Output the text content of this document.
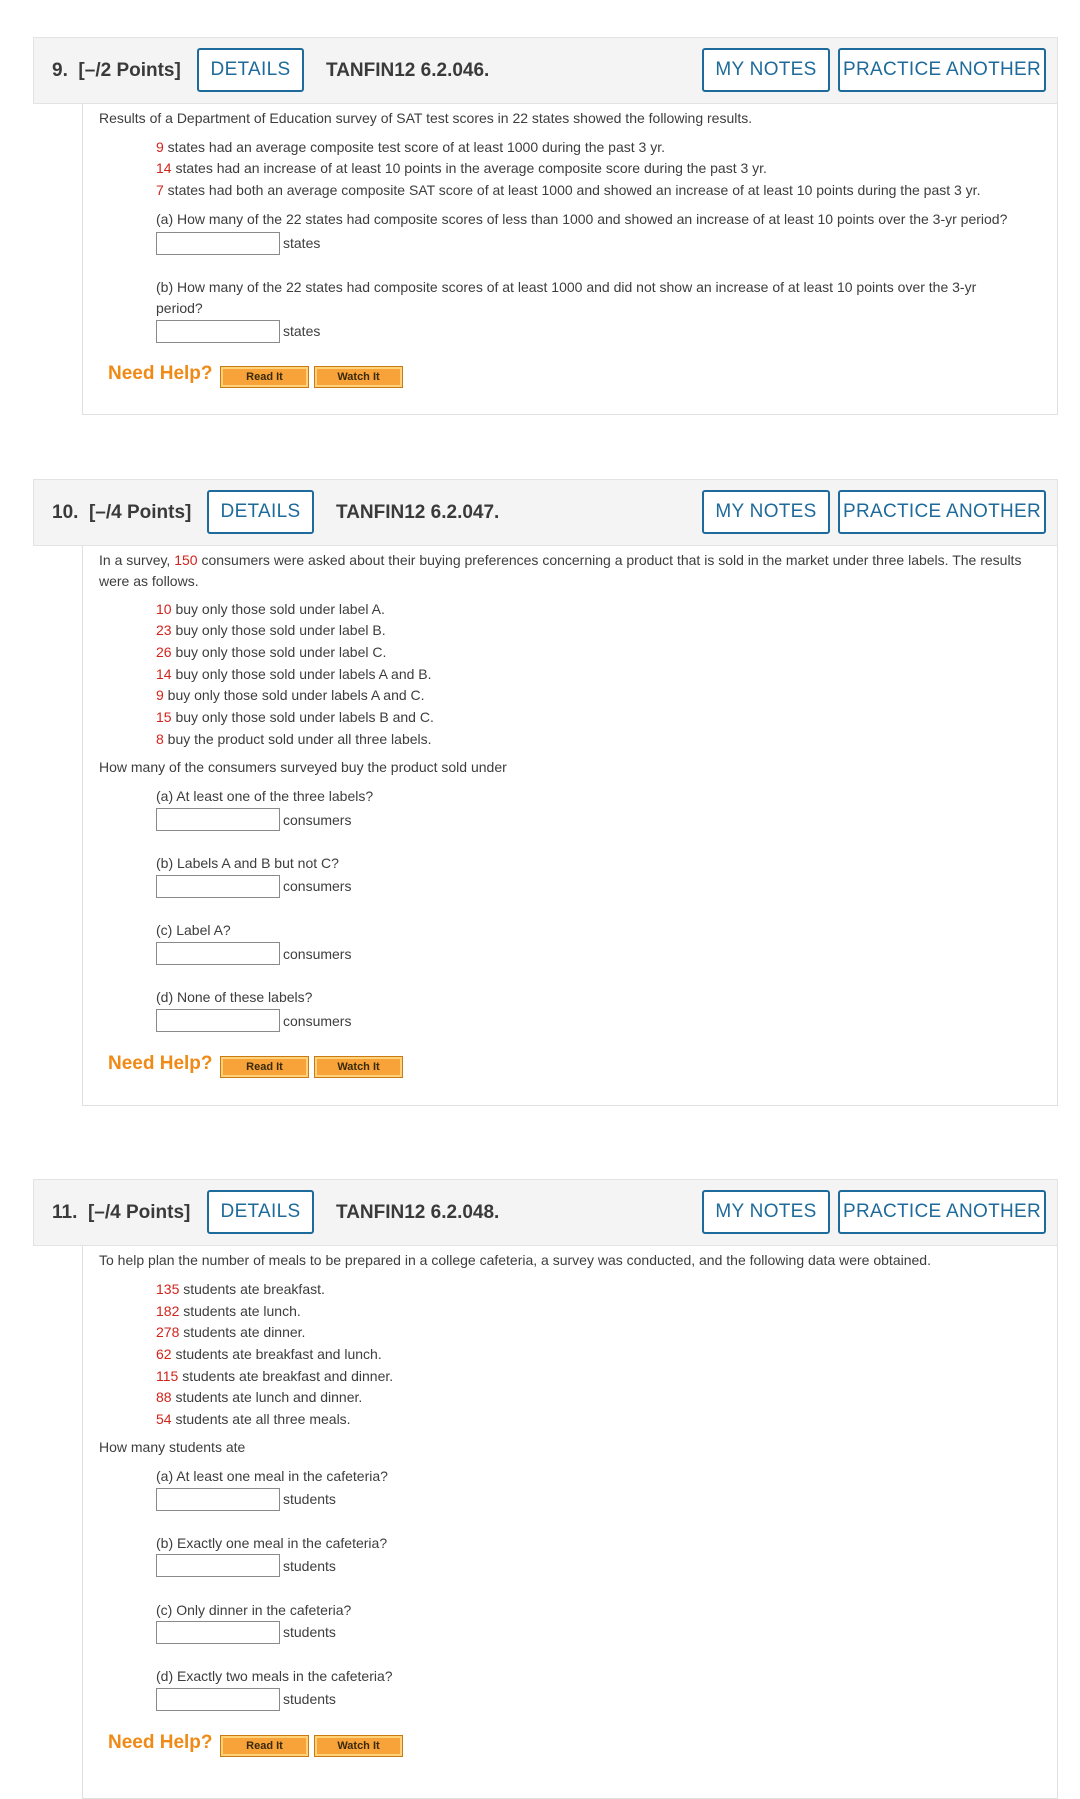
9. [–/2 Points]	DETAILS	TANFIN12 6.2.046.	MY NOTES	PRACTICE ANOTHER
Results of a Department of Education survey of SAT test scores in 22 states showed the following results.
9 states had an average composite test score of at least 1000 during the past 3 yr.
14 states had an increase of at least 10 points in the average composite score during the past 3 yr.
7 states had both an average composite SAT score of at least 1000 and showed an increase of at least 10 points during the past 3 yr.
(a) How many of the 22 states had composite scores of less than 1000 and showed an increase of at least 10 points over the 3-yr period?
states
(b) How many of the 22 states had composite scores of at least 1000 and did not show an increase of at least 10 points over the 3-yr
period?
states
Need Help?	Read It	Watch It
10. [–/4 Points]	DETAILS	TANFIN12 6.2.047.	MY NOTES	PRACTICE ANOTHER
In a survey, 150 consumers were asked about their buying preferences concerning a product that is sold in the market under three labels. The results
were as follows.
10 buy only those sold under label A.
23 buy only those sold under label B.
26 buy only those sold under label C.
14 buy only those sold under labels A and B.
9 buy only those sold under labels A and C.
15 buy only those sold under labels B and C.
8 buy the product sold under all three labels.
How many of the consumers surveyed buy the product sold under
(a) At least one of the three labels?
consumers
(b) Labels A and B but not C?
consumers
(c) Label A?
consumers
(d) None of these labels?
consumers
Need Help?	Read It	Watch It
11. [–/4 Points]	DETAILS	TANFIN12 6.2.048.	MY NOTES	PRACTICE ANOTHER
To help plan the number of meals to be prepared in a college cafeteria, a survey was conducted, and the following data were obtained.
135 students ate breakfast.
182 students ate lunch.
278 students ate dinner.
62 students ate breakfast and lunch.
115 students ate breakfast and dinner.
88 students ate lunch and dinner.
54 students ate all three meals.
How many students ate
(a) At least one meal in the cafeteria?
students
(b) Exactly one meal in the cafeteria?
students
(c) Only dinner in the cafeteria?
students
(d) Exactly two meals in the cafeteria?
students
Need Help?	Read It	Watch It
